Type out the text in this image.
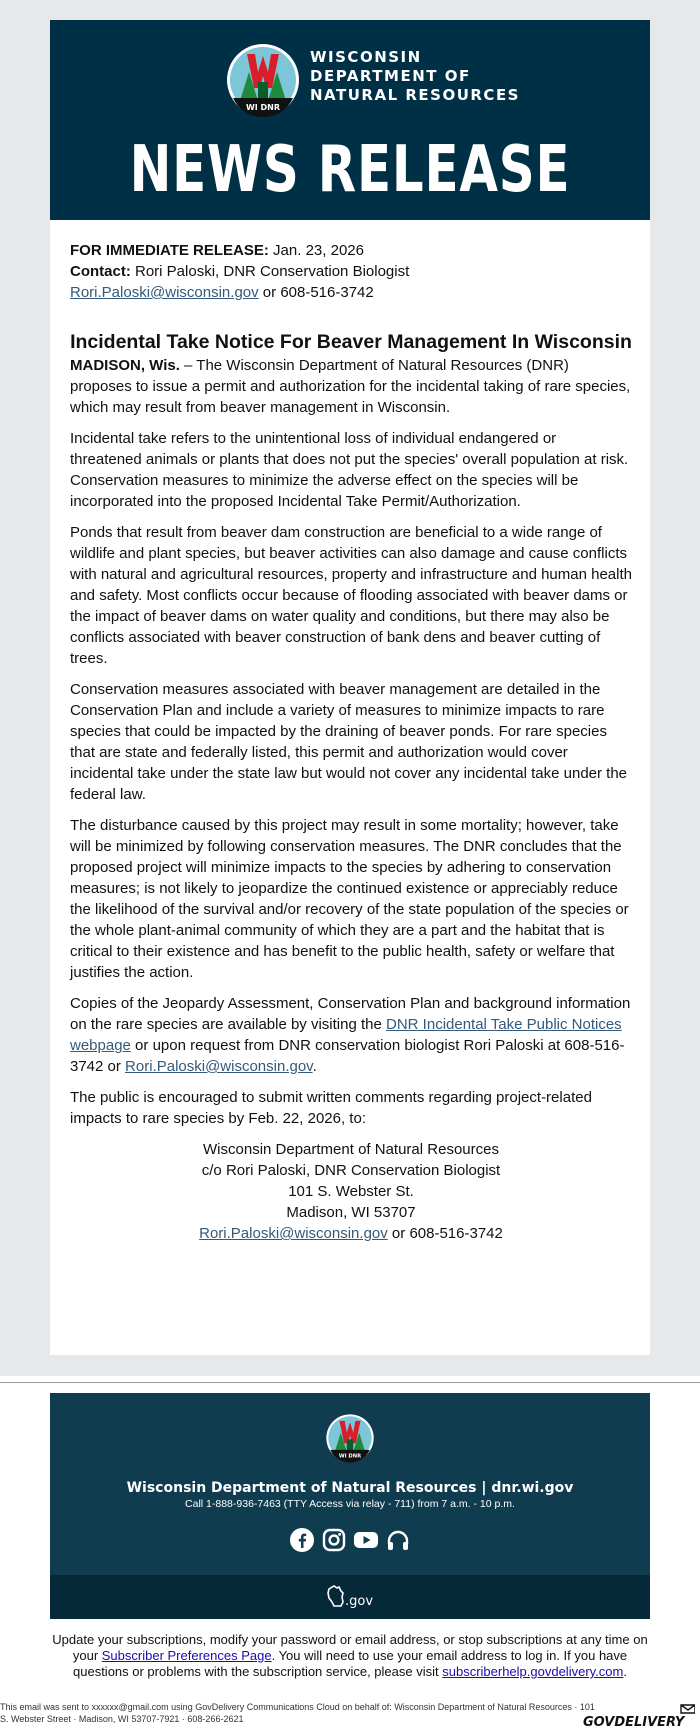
WI DNR
WISCONSIN
DEPARTMENT OF
NATURAL RESOURCES
NEWS RELEASE

FOR IMMEDIATE RELEASE: Jan. 23, 2026

Contact: Rori Paloski, DNR Conservation Biologist

Rori.Paloski@wisconsin.gov or 608-516-3742

Incidental Take Notice For Beaver Management In Wisconsin

MADISON, Wis. – The Wisconsin Department of Natural Resources (DNR) proposes to issue a permit and authorization for the incidental taking of rare species, which may result from beaver management in Wisconsin.

Incidental take refers to the unintentional loss of individual endangered or threatened animals or plants that does not put the species' overall population at risk. Conservation measures to minimize the adverse effect on the species will be incorporated into the proposed Incidental Take Permit/Authorization.

Ponds that result from beaver dam construction are beneficial to a wide range of wildlife and plant species, but beaver activities can also damage and cause conflicts with natural and agricultural resources, property and infrastructure and human health and safety. Most conflicts occur because of flooding associated with beaver dams or the impact of beaver dams on water quality and conditions, but there may also be conflicts associated with beaver construction of bank dens and beaver cutting of trees.

Conservation measures associated with beaver management are detailed in the Conservation Plan and include a variety of measures to minimize impacts to rare species that could be impacted by the draining of beaver ponds. For rare species that are state and federally listed, this permit and authorization would cover incidental take under the state law but would not cover any incidental take under the federal law.

The disturbance caused by this project may result in some mortality; however, take will be minimized by following conservation measures. The DNR concludes that the proposed project will minimize impacts to the species by adhering to conservation measures; is not likely to jeopardize the continued existence or appreciably reduce the likelihood of the survival and/or recovery of the state population of the species or the whole plant-animal community of which they are a part and the habitat that is critical to their existence and has benefit to the public health, safety or welfare that justifies the action.

Copies of the Jeopardy Assessment, Conservation Plan and background information on the rare species are available by visiting the DNR Incidental Take Public Notices webpage or upon request from DNR conservation biologist Rori Paloski at 608-516-3742 or Rori.Paloski@wisconsin.gov.

The public is encouraged to submit written comments regarding project-related impacts to rare species by Feb. 22, 2026, to:

Wisconsin Department of Natural Resources
c/o Rori Paloski, DNR Conservation Biologist
101 S. Webster St.
Madison, WI 53707
Rori.Paloski@wisconsin.gov or 608-516-3742
WI DNR
Wisconsin Department of Natural Resources | dnr.wi.gov
Call 1-888-936-7463 (TTY Access via relay - 711) from 7 a.m. - 10 p.m.
.gov
Update your subscriptions, modify your password or email address, or stop subscriptions at any time on your Subscriber Preferences Page. You will need to use your email address to log in. If you have questions or problems with the subscription service, please visit subscriberhelp.govdelivery.com.
This email was sent to xxxxxx@gmail.com using GovDelivery Communications Cloud on behalf of: Wisconsin Department of Natural Resources · 101 S. Webster Street · Madison, WI 53707-7921 · 608-266-2621	GOVDELIVERY
